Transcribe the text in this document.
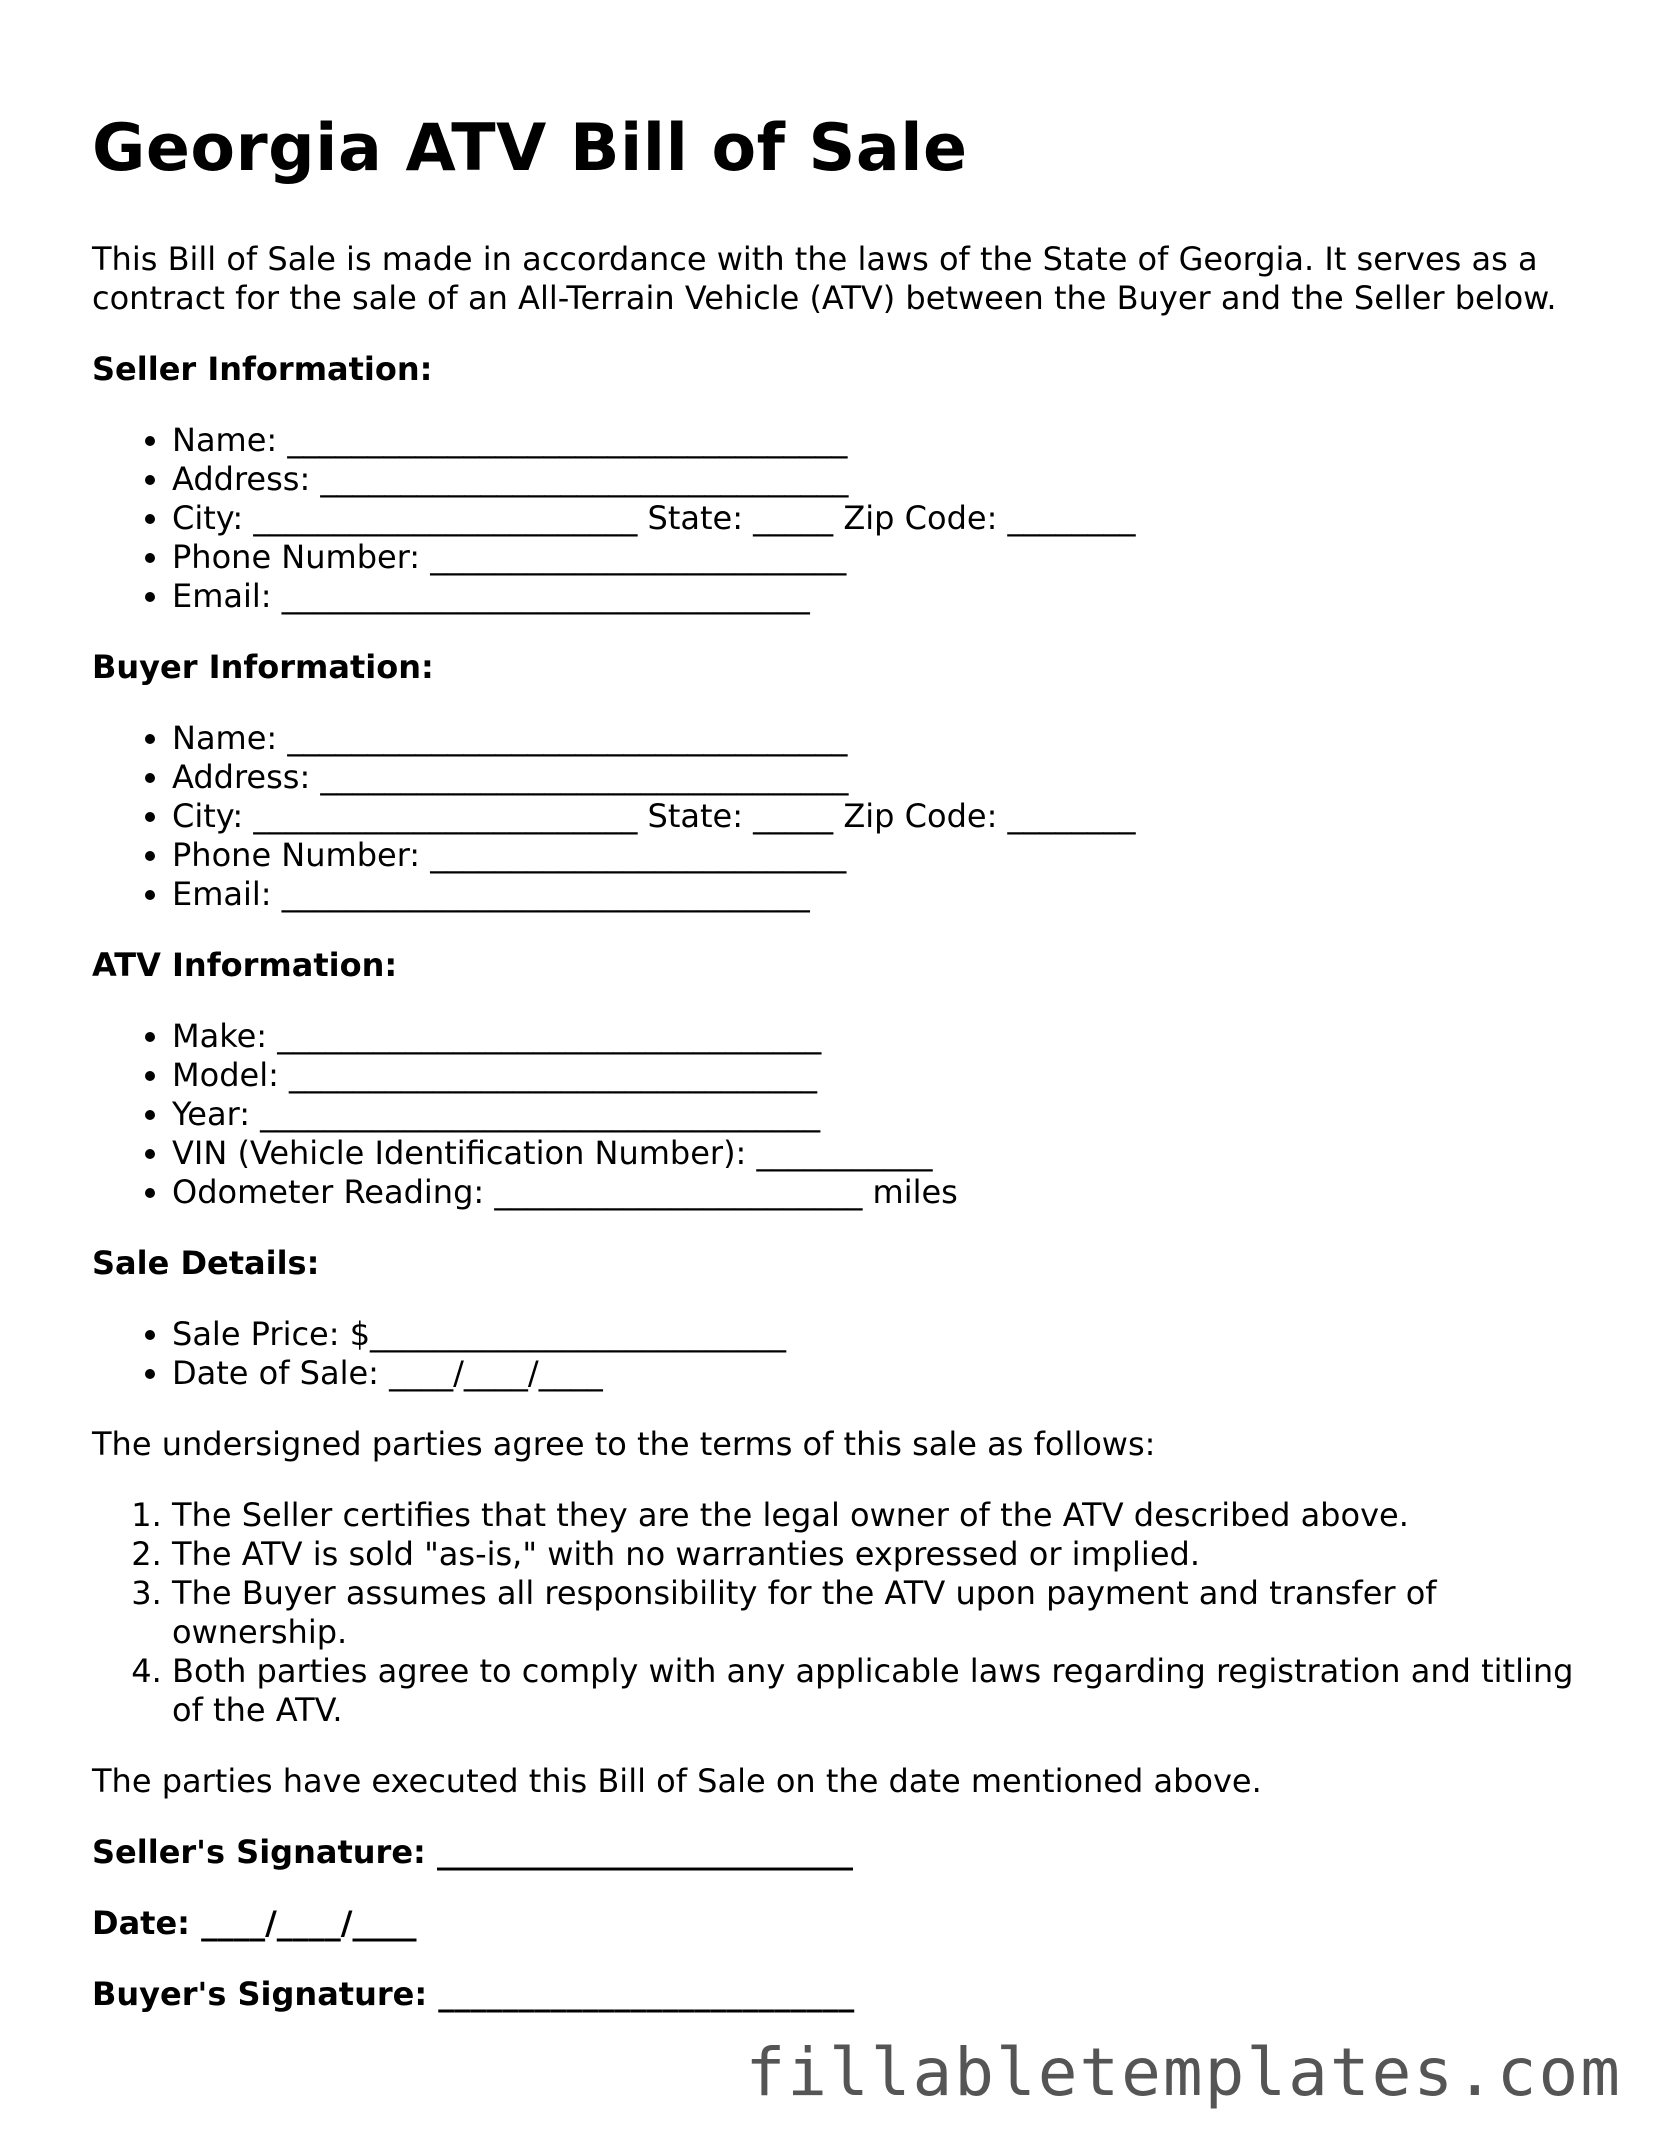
Georgia ATV Bill of Sale

This Bill of Sale is made in accordance with the laws of the State of Georgia. It serves as a contract for the sale of an All-Terrain Vehicle (ATV) between the Buyer and the Seller below.

Seller Information:

• Name: ___________________________________
• Address: _________________________________
• City: ________________________ State: _____ Zip Code: ________
• Phone Number: __________________________
• Email: _________________________________

Buyer Information:

• Name: ___________________________________
• Address: _________________________________
• City: ________________________ State: _____ Zip Code: ________
• Phone Number: __________________________
• Email: _________________________________

ATV Information:

• Make: __________________________________
• Model: _________________________________
• Year: ___________________________________
• VIN (Vehicle Identification Number): ___________
• Odometer Reading: _______________________ miles

Sale Details:

• Sale Price: $__________________________
• Date of Sale: ____/____/____

The undersigned parties agree to the terms of this sale as follows:

1. The Seller certifies that they are the legal owner of the ATV described above.
2. The ATV is sold "as-is," with no warranties expressed or implied.
3. The Buyer assumes all responsibility for the ATV upon payment and transfer of ownership.
4. Both parties agree to comply with any applicable laws regarding registration and titling of the ATV.

The parties have executed this Bill of Sale on the date mentioned above.

Seller's Signature: __________________________

Date: ____/____/____

Buyer's Signature: __________________________

fillabletemplates.com
